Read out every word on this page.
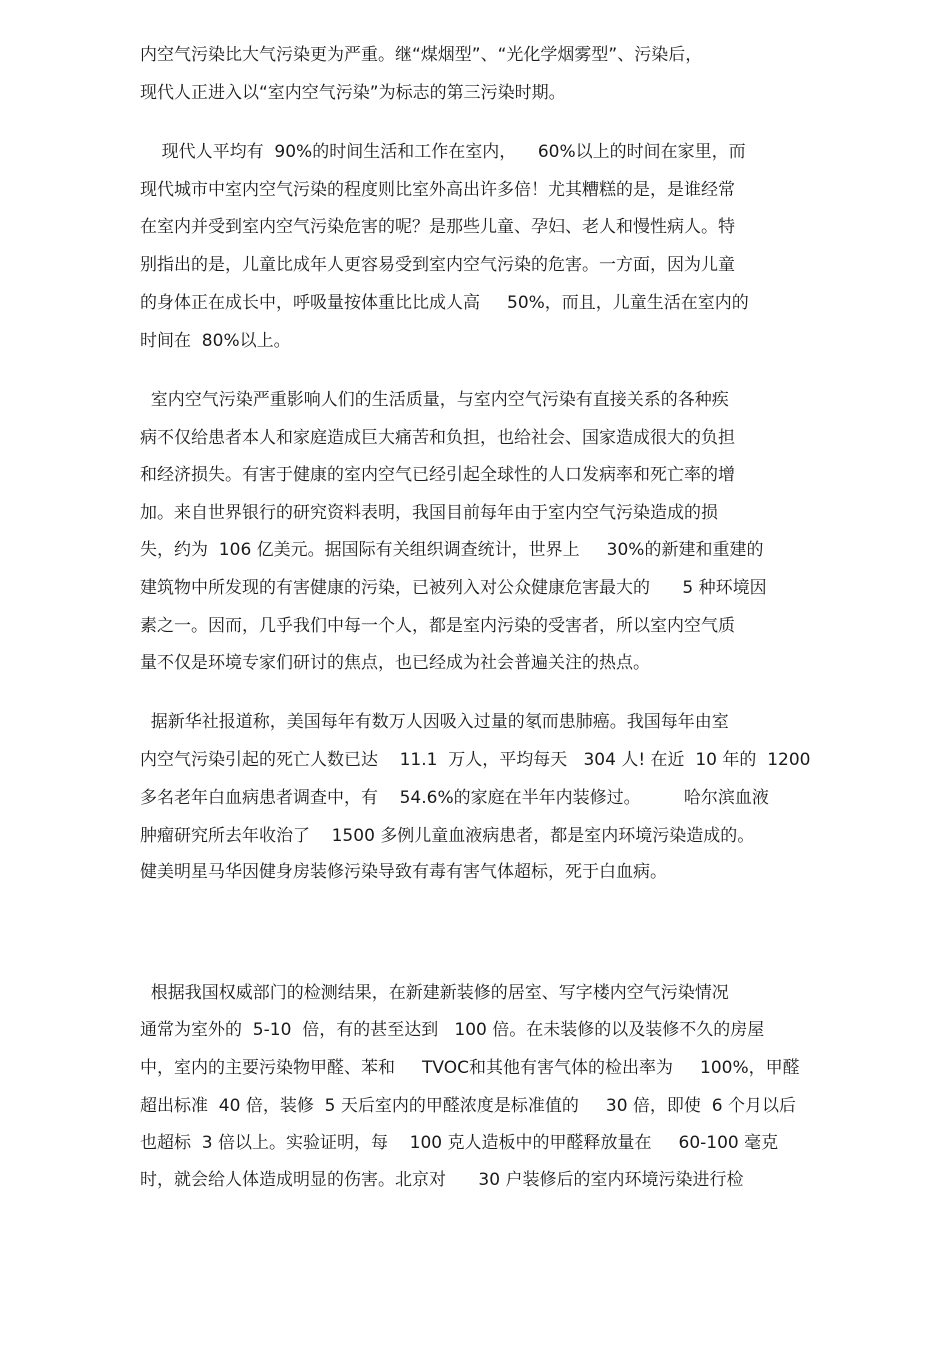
内空气污染比大气污染更为严重。继“煤烟型”、“光化学烟雾型”、污染后，
现代人正进入以“室内空气污染”为标志的第三污染时期。
现代人平均有  90%的时间生活和工作在室内，    60%以上的时间在家里，而
现代城市中室内空气污染的程度则比室外高出许多倍！尤其糟糕的是，是谁经常
在室内并受到室内空气污染危害的呢？是那些儿童、孕妇、老人和慢性病人。特
别指出的是，儿童比成年人更容易受到室内空气污染的危害。一方面，因为儿童
的身体正在成长中，呼吸量按体重比比成人高     50%，而且，儿童生活在室内的
时间在  80%以上。
室内空气污染严重影响人们的生活质量，与室内空气污染有直接关系的各种疾
病不仅给患者本人和家庭造成巨大痛苦和负担，也给社会、国家造成很大的负担
和经济损失。有害于健康的室内空气已经引起全球性的人口发病率和死亡率的增
加。来自世界银行的研究资料表明，我国目前每年由于室内空气污染造成的损
失，约为  106 亿美元。据国际有关组织调查统计，世界上     30%的新建和重建的
建筑物中所发现的有害健康的污染，已被列入对公众健康危害最大的      5 种环境因
素之一。因而，几乎我们中每一个人，都是室内污染的受害者，所以室内空气质
量不仅是环境专家们研讨的焦点，也已经成为社会普遍关注的热点。
据新华社报道称，美国每年有数万人因吸入过量的氡而患肺癌。我国每年由室
内空气污染引起的死亡人数已达    11.1  万人，平均每天   304 人! 在近  10 年的  1200
多名老年白血病患者调查中，有    54.6%的家庭在半年内装修过。        哈尔滨血液
肿瘤研究所去年收治了    1500 多例儿童血液病患者，都是室内环境污染造成的。
健美明星马华因健身房装修污染导致有毒有害气体超标，死于白血病。
根据我国权威部门的检测结果，在新建新装修的居室、写字楼内空气污染情况
通常为室外的  5-10  倍，有的甚至达到   100 倍。在未装修的以及装修不久的房屋
中，室内的主要污染物甲醛、苯和     TVOC和其他有害气体的检出率为     100%，甲醛
超出标准  40 倍，装修  5 天后室内的甲醛浓度是标准值的     30 倍，即使  6 个月以后
也超标  3 倍以上。实验证明，每    100 克人造板中的甲醛释放量在     60-100 毫克
时，就会给人体造成明显的伤害。北京对      30 户装修后的室内环境污染进行检
